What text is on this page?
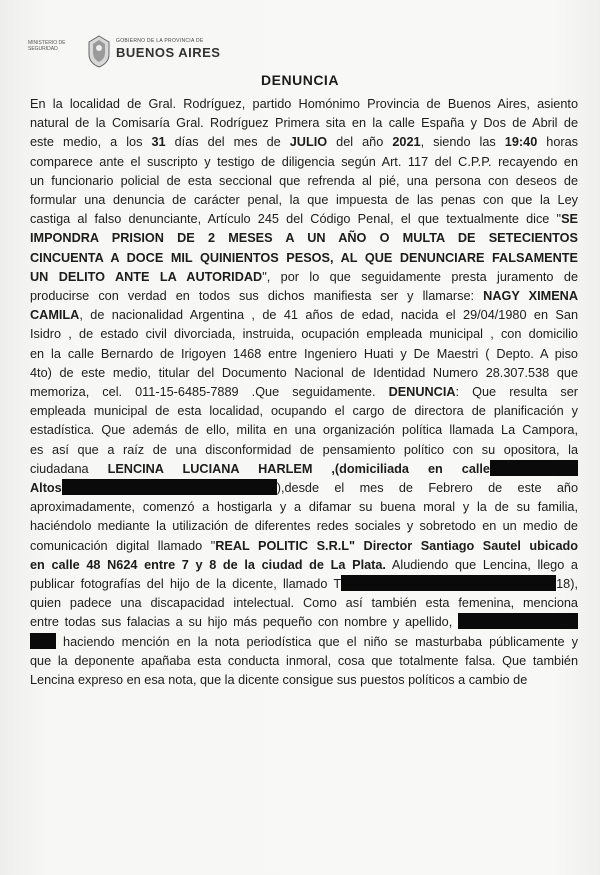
MINISTERIO DE SEGURIDAD
GOBIERNO DE LA PROVINCIA DE
BUENOS AIRES
DENUNCIA
En la localidad de Gral. Rodríguez, partido Homónimo Provincia de Buenos Aires, asiento
natural de la Comisaría Gral. Rodríguez Primera sita en la calle España y Dos de Abril de
este medio, a los 31 días del mes de JULIO del año 2021, siendo las 19:40 horas
comparece ante el suscripto y testigo de diligencia según Art. 117 del C.P.P. recayendo en
un funcionario policial de esta seccional que refrenda al pié, una persona con deseos de
formular una denuncia de carácter penal, la que impuesta de las penas con que la Ley
castiga al falso denunciante, Artículo 245 del Código Penal, el que textualmente dice "SE
IMPONDRA PRISION DE 2 MESES A UN AÑO O MULTA DE SETECIENTOS
CINCUENTA A DOCE MIL QUINIENTOS PESOS, AL QUE DENUNCIARE FALSAMENTE
UN DELITO ANTE LA AUTORIDAD", por lo que seguidamente presta juramento de
producirse con verdad en todos sus dichos manifiesta ser y llamarse: NAGY XIMENA
CAMILA, de nacionalidad Argentina , de 41 años de edad, nacida el 29/04/1980 en San
Isidro , de estado civil divorciada, instruida, ocupación empleada municipal , con domicilio
en la calle Bernardo de Irigoyen 1468 entre Ingeniero Huati y De Maestri ( Depto. A piso
4to) de este medio, titular del Documento Nacional de Identidad Numero 28.307.538 que
memoriza, cel. 011-15-6485-7889 .Que seguidamente. DENUNCIA: Que resulta ser
empleada municipal de esta localidad, ocupando el cargo de directora de planificación y
estadística. Que además de ello, milita en una organización política llamada La Campora,
es así que a raíz de una disconformidad de pensamiento político con su opositora, la
ciudadana LENCINA LUCIANA HARLEM ,(domiciliada en calle
Altos	),desde el mes de Febrero de este año
aproximadamente, comenzó a hostigarla y a difamar su buena moral y la de su familia,
haciéndolo mediante la utilización de diferentes redes sociales y sobretodo en un medio de
comunicación digital llamado "REAL POLITIC S.R.L" Director Santiago Sautel ubicado
en calle 48 N624 entre 7 y 8 de la ciudad de La Plata. Aludiendo que Lencina, llego a
publicar fotografías del hijo de la dicente, llamado T	18),
quien padece una discapacidad intelectual. Como así también esta femenina, menciona
entre todas sus falacias a su hijo más pequeño con nombre y apellido,
haciendo mención en la nota periodística que el niño se masturbaba públicamente y
que la deponente apañaba esta conducta inmoral, cosa que totalmente falsa. Que también
Lencina expreso en esa nota, que la dicente consigue sus puestos políticos a cambio de
